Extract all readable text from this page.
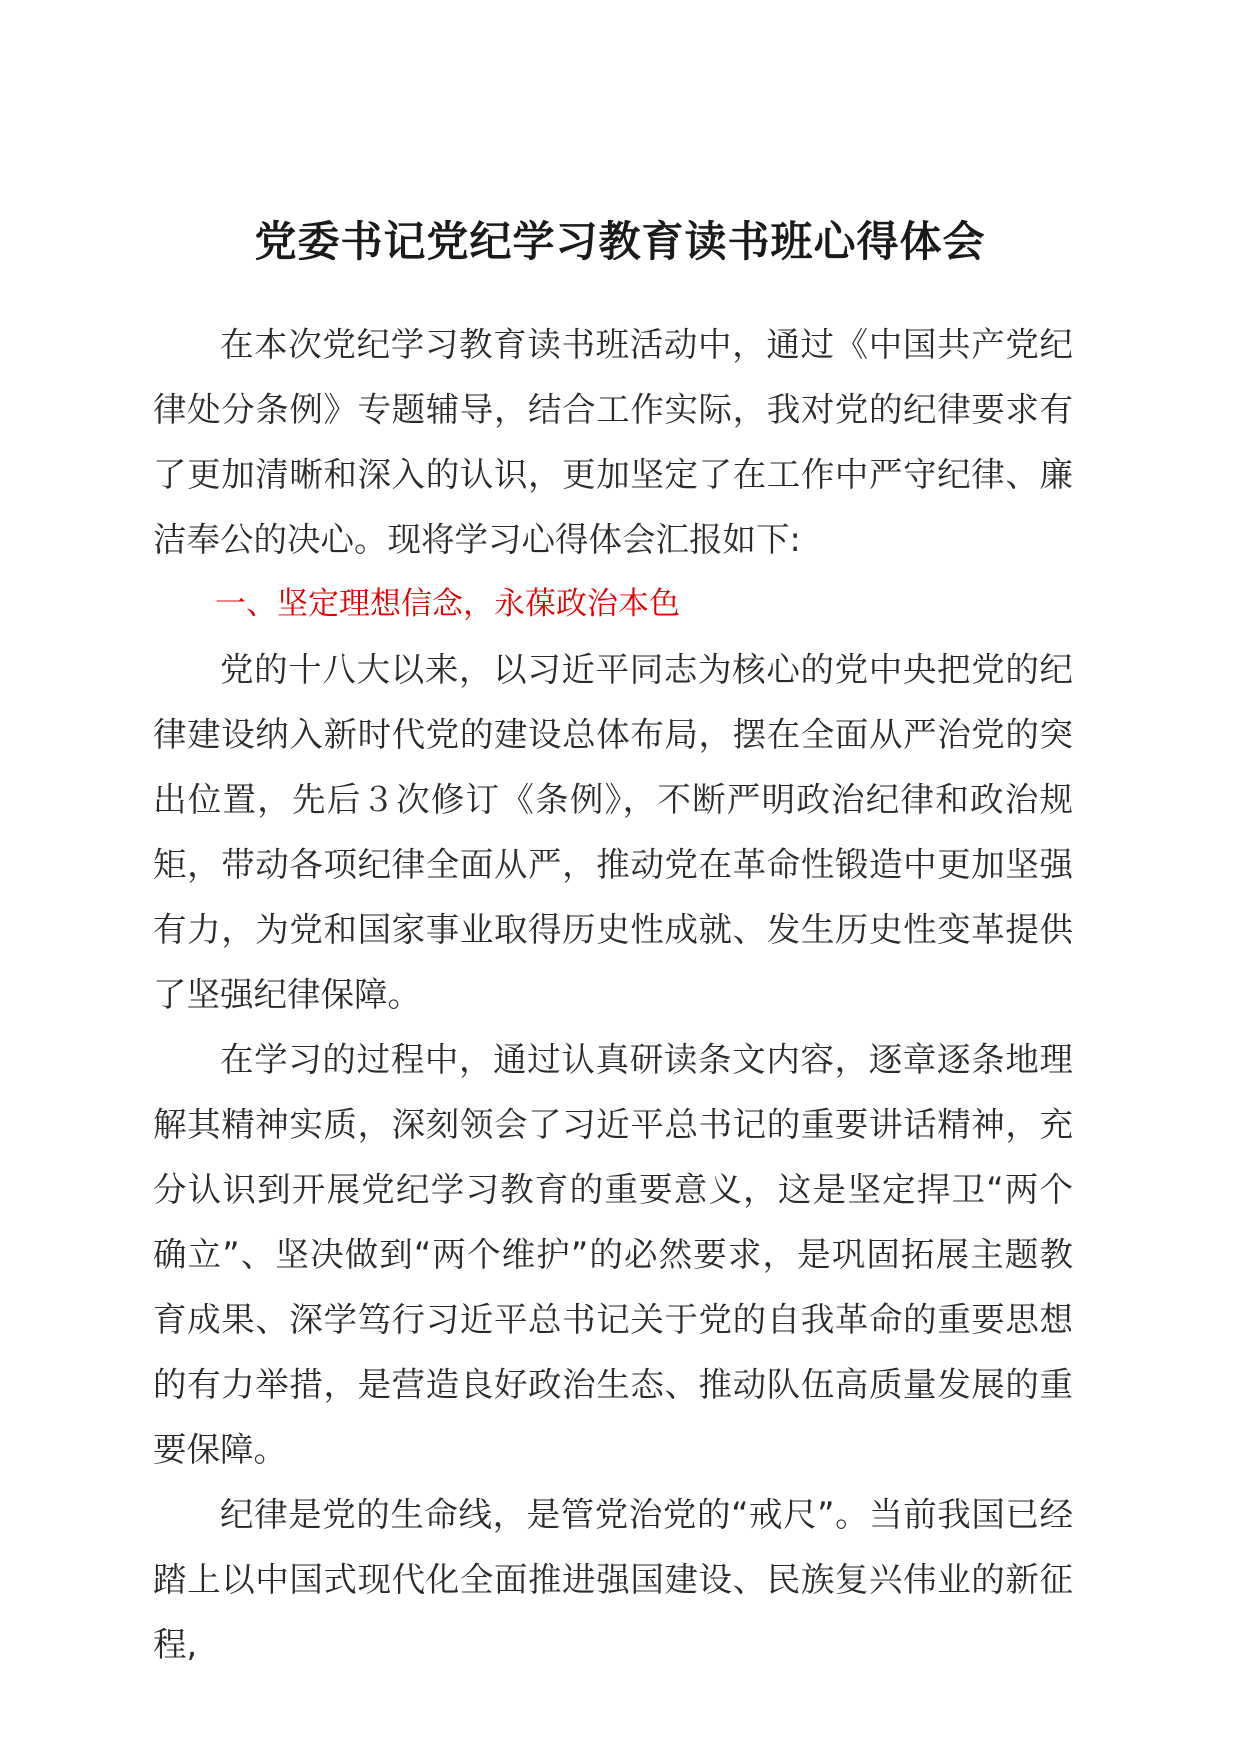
党委书记党纪学习教育读书班心得体会

在本次党纪学习教育读书班活动中，通过《中国共产党纪律处分条例》专题辅导，结合工作实际，我对党的纪律要求有了更加清晰和深入的认识，更加坚定了在工作中严守纪律、廉洁奉公的决心。现将学习心得体会汇报如下:

一、坚定理想信念，永葆政治本色

党的十八大以来，以习近平同志为核心的党中央把党的纪律建设纳入新时代党的建设总体布局，摆在全面从严治党的突出位置，先后３次修订《条例》，不断严明政治纪律和政治规矩，带动各项纪律全面从严，推动党在革命性锻造中更加坚强有力，为党和国家事业取得历史性成就、发生历史性变革提供了坚强纪律保障。

在学习的过程中，通过认真研读条文内容，逐章逐条地理解其精神实质，深刻领会了习近平总书记的重要讲话精神，充分认识到开展党纪学习教育的重要意义，这是坚定捍卫“两个确立”、坚决做到“两个维护”的必然要求，是巩固拓展主题教育成果、深学笃行习近平总书记关于党的自我革命的重要思想的有力举措，是营造良好政治生态、推动队伍高质量发展的重要保障。

纪律是党的生命线，是管党治党的“戒尺”。当前我国已经踏上以中国式现代化全面推进强国建设、民族复兴伟业的新征程,
